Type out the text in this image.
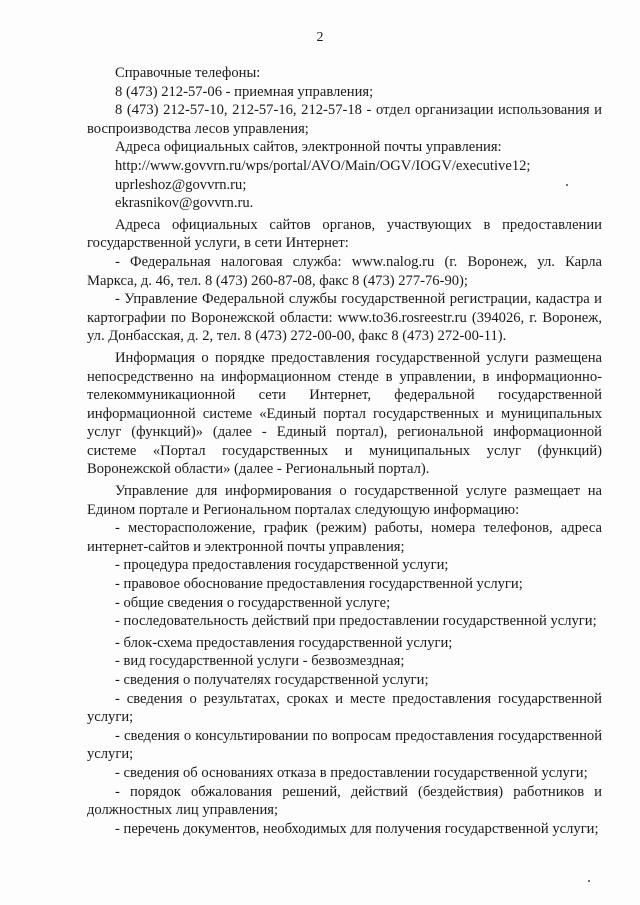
2

Справочные телефоны:

8 (473) 212-57-06 - приемная управления;

8 (473) 212-57-10, 212-57-16, 212-57-18 - отдел организации использования и воспроизводства лесов управления;

Адреса официальных сайтов, электронной почты управления:

http://www.govvrn.ru/wps/portal/AVO/Main/OGV/IOGV/executive12;

uprleshoz@govvrn.ru;

ekrasnikov@govvrn.ru.

Адреса официальных сайтов органов, участвующих в предоставлении государственной услуги, в сети Интернет:

- Федеральная налоговая служба: www.nalog.ru (г. Воронеж, ул. Карла Маркса, д. 46, тел. 8 (473) 260-87-08, факс 8 (473) 277-76-90);

- Управление Федеральной службы государственной регистрации, кадастра и картографии по Воронежской области: www.to36.rosreestr.ru (394026, г. Воронеж, ул. Донбасская, д. 2, тел. 8 (473) 272-00-00, факс 8 (473) 272-00-11).

Информация о порядке предоставления государственной услуги размещена непосредственно на информационном стенде в управлении, в информационно-телекоммуникационной сети Интернет, федеральной государственной информационной системе «Единый портал государственных и муниципальных услуг (функций)» (далее - Единый портал), региональной информационной системе «Портал государственных и муниципальных услуг (функций) Воронежской области» (далее - Региональный портал).

Управление для информирования о государственной услуге размещает на Едином портале и Региональном порталах следующую информацию:

- месторасположение, график (режим) работы, номера телефонов, адреса интернет-сайтов и электронной почты управления;

- процедура предоставления государственной услуги;

- правовое обоснование предоставления государственной услуги;

- общие сведения о государственной услуге;

- последовательность действий при предоставлении государственной услуги;

- блок-схема предоставления государственной услуги;

- вид государственной услуги - безвозмездная;

- сведения о получателях государственной услуги;

- сведения о результатах, сроках и месте предоставления государственной услуги;

- сведения о консультировании по вопросам предоставления государственной услуги;

- сведения об основаниях отказа в предоставлении государственной услуги;

- порядок обжалования решений, действий (бездействия) работников и должностных лиц управления;

- перечень документов, необходимых для получения государственной услуги;
